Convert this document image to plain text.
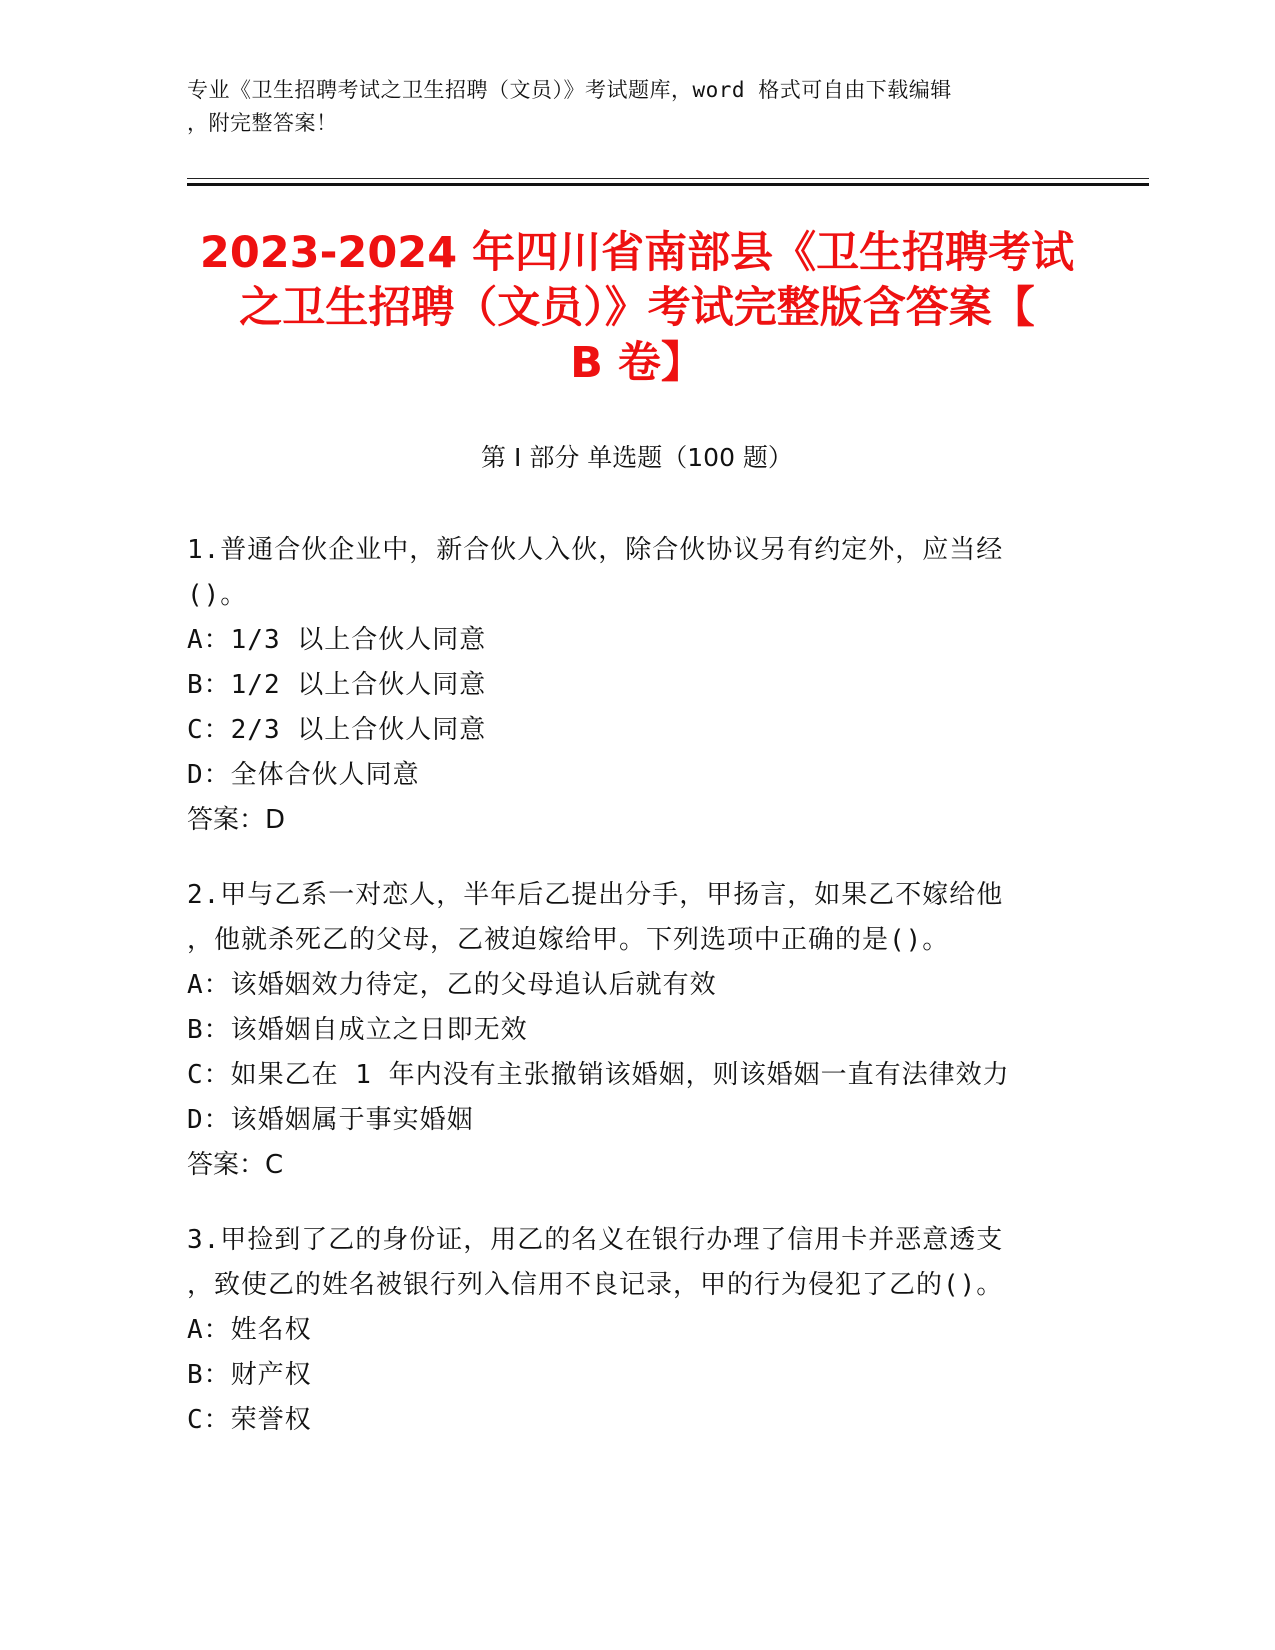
专业《卫生招聘考试之卫生招聘（文员）》考试题库，word 格式可自由下载编辑
，附完整答案！
2023-2024 年四川省南部县《卫生招聘考试
之卫生招聘（文员）》考试完整版含答案【
B 卷】
第 I 部分 单选题（100 题）
1.普通合伙企业中，新合伙人入伙，除合伙协议另有约定外，应当经
()。
A：1/3 以上合伙人同意
B：1/2 以上合伙人同意
C：2/3 以上合伙人同意
D：全体合伙人同意
答案：D
2.甲与乙系一对恋人，半年后乙提出分手，甲扬言，如果乙不嫁给他
，他就杀死乙的父母，乙被迫嫁给甲。下列选项中正确的是()。
A：该婚姻效力待定，乙的父母追认后就有效
B：该婚姻自成立之日即无效
C：如果乙在 1 年内没有主张撤销该婚姻，则该婚姻一直有法律效力
D：该婚姻属于事实婚姻
答案：C
3.甲捡到了乙的身份证，用乙的名义在银行办理了信用卡并恶意透支
，致使乙的姓名被银行列入信用不良记录，甲的行为侵犯了乙的()。
A：姓名权
B：财产权
C：荣誉权
